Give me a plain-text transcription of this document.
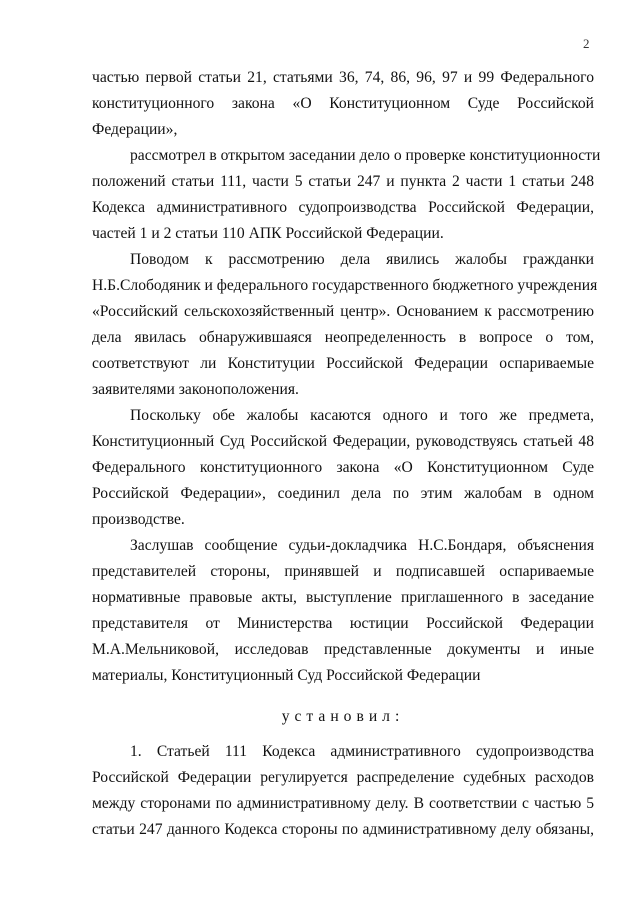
2
частью первой статьи 21, статьями 36, 74, 86, 96, 97 и 99 Федерального
конституционного закона «О Конституционном Суде Российской
Федерации»,
рассмотрел в открытом заседании дело о проверке конституционности
положений статьи 111, части 5 статьи 247 и пункта 2 части 1 статьи 248
Кодекса административного судопроизводства Российской Федерации,
частей 1 и 2 статьи 110 АПК Российской Федерации.
Поводом к рассмотрению дела явились жалобы гражданки
Н.Б.Слободяник и федерального государственного бюджетного учреждения
«Российский сельскохозяйственный центр». Основанием к рассмотрению
дела явилась обнаружившаяся неопределенность в вопросе о том,
соответствуют ли Конституции Российской Федерации оспариваемые
заявителями законоположения.
Поскольку обе жалобы касаются одного и того же предмета,
Конституционный Суд Российской Федерации, руководствуясь статьей 48
Федерального конституционного закона «О Конституционном Суде
Российской Федерации», соединил дела по этим жалобам в одном
производстве.
Заслушав сообщение судьи-докладчика Н.С.Бондаря, объяснения
представителей стороны, принявшей и подписавшей оспариваемые
нормативные правовые акты, выступление приглашенного в заседание
представителя от Министерства юстиции Российской Федерации
М.А.Мельниковой, исследовав представленные документы и иные
материалы, Конституционный Суд Российской Федерации
установил:
1. Статьей 111 Кодекса административного судопроизводства
Российской Федерации регулируется распределение судебных расходов
между сторонами по административному делу. В соответствии с частью 5
статьи 247 данного Кодекса стороны по административному делу обязаны,
